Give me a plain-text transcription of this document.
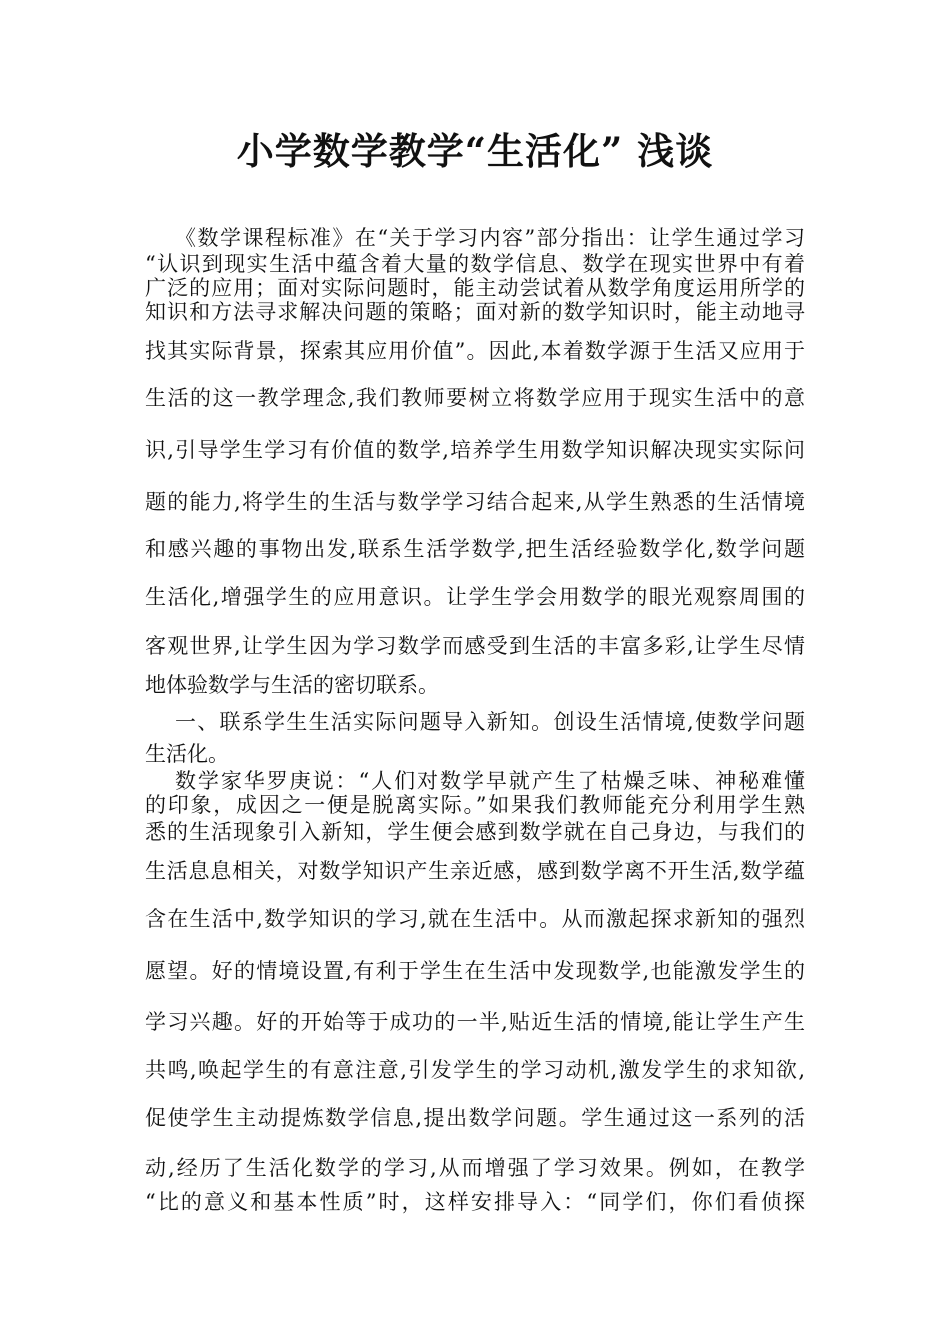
小学数学教学“生活化” 浅谈
《数学课程标准》在“关于学习内容”部分指出：让学生通过学习
“认识到现实生活中蕴含着大量的数学信息、数学在现实世界中有着
广泛的应用；面对实际问题时，能主动尝试着从数学角度运用所学的
知识和方法寻求解决问题的策略；面对新的数学知识时，能主动地寻
找其实际背景，探索其应用价值”。因此,本着数学源于生活又应用于
生活的这一教学理念,我们教师要树立将数学应用于现实生活中的意
识,引导学生学习有价值的数学,培养学生用数学知识解决现实实际问
题的能力,将学生的生活与数学学习结合起来,从学生熟悉的生活情境
和感兴趣的事物出发,联系生活学数学,把生活经验数学化,数学问题
生活化,增强学生的应用意识。让学生学会用数学的眼光观察周围的
客观世界,让学生因为学习数学而感受到生活的丰富多彩,让学生尽情
地体验数学与生活的密切联系。
一、联系学生生活实际问题导入新知。创设生活情境,使数学问题
生活化。
数学家华罗庚说：“人们对数学早就产生了枯燥乏味、神秘难懂
的印象，成因之一便是脱离实际。”如果我们教师能充分利用学生熟
悉的生活现象引入新知，学生便会感到数学就在自己身边，与我们的
生活息息相关，对数学知识产生亲近感，感到数学离不开生活,数学蕴
含在生活中,数学知识的学习,就在生活中。从而激起探求新知的强烈
愿望。好的情境设置,有利于学生在生活中发现数学,也能激发学生的
学习兴趣。好的开始等于成功的一半,贴近生活的情境,能让学生产生
共鸣,唤起学生的有意注意,引发学生的学习动机,激发学生的求知欲,
促使学生主动提炼数学信息,提出数学问题。学生通过这一系列的活
动,经历了生活化数学的学习,从而增强了学习效果。例如，在教学
“比的意义和基本性质”时，这样安排导入：“同学们，你们看侦探
